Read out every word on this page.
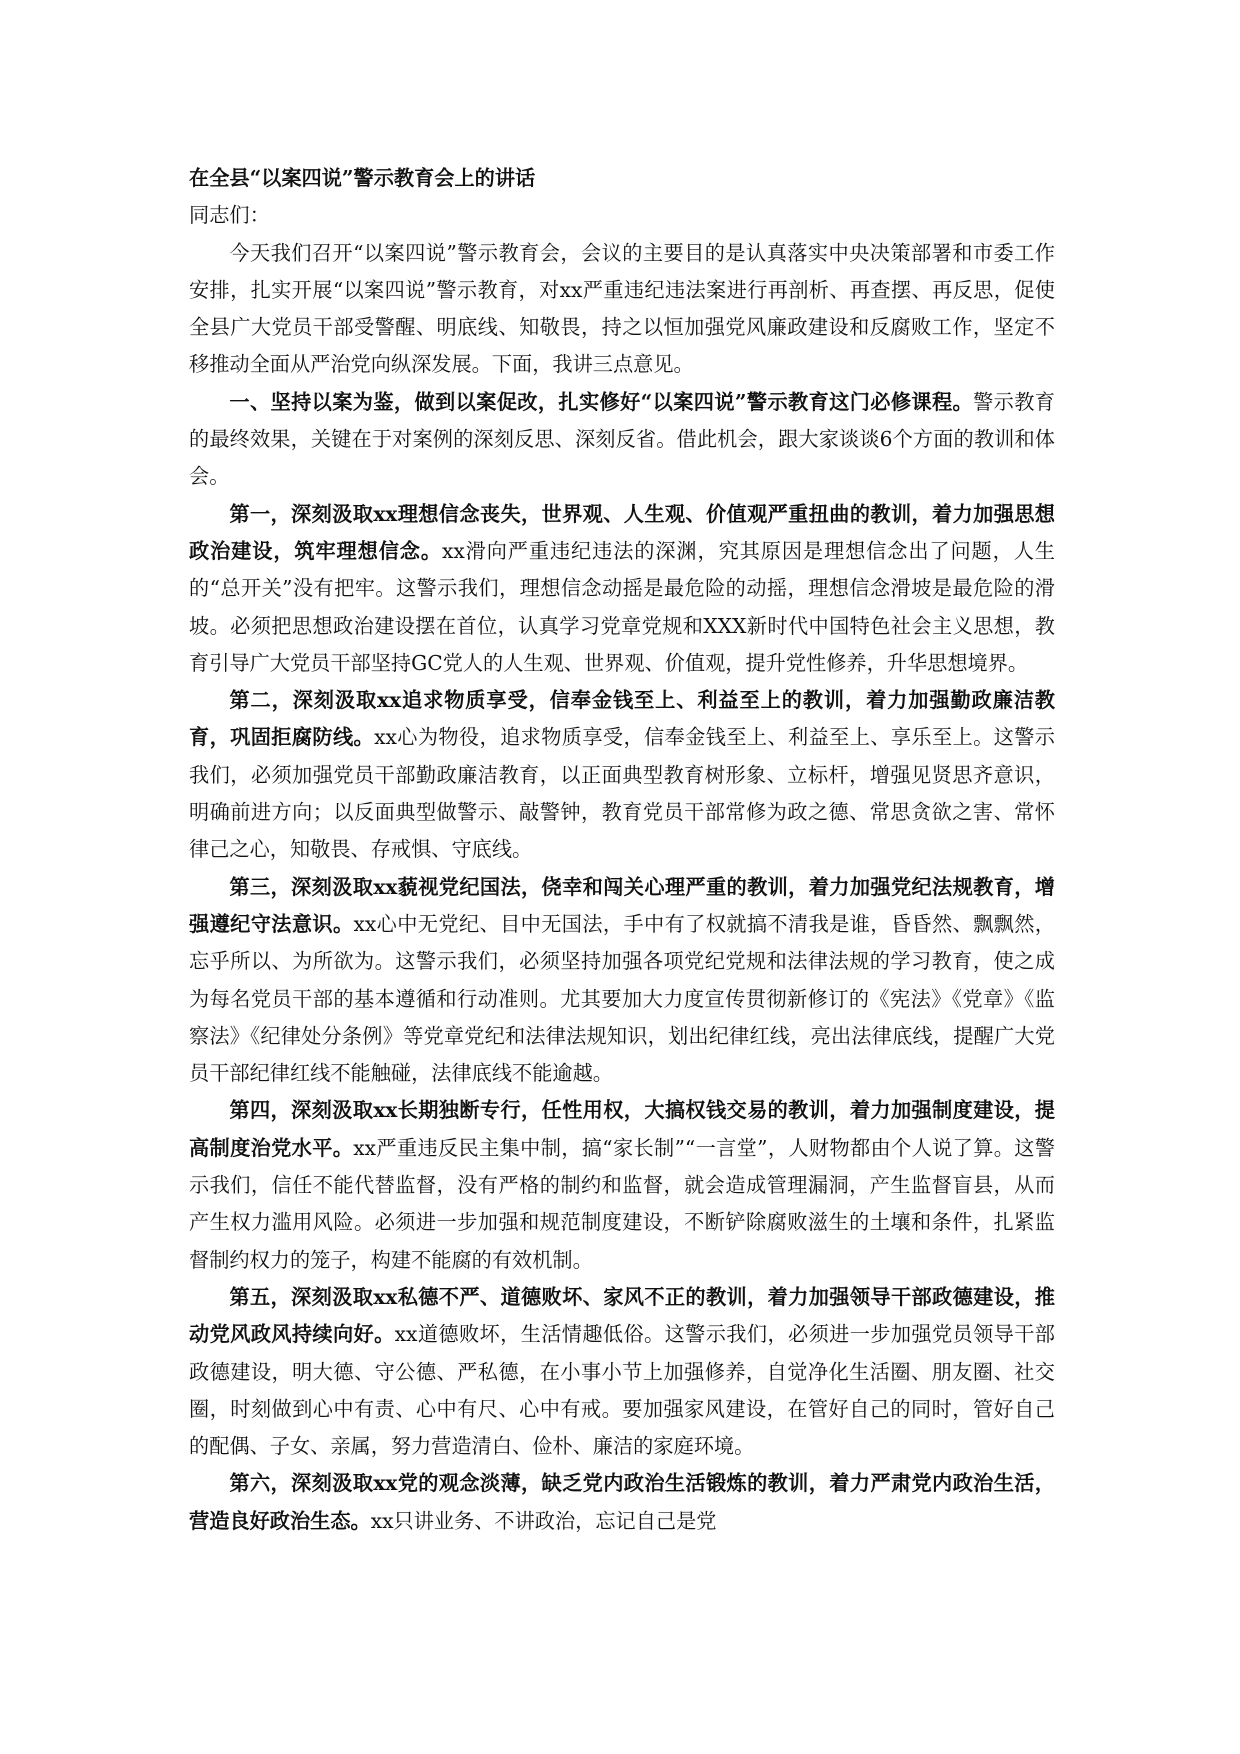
在全县“以案四说”警示教育会上的讲话

同志们：

今天我们召开“以案四说”警示教育会，会议的主要目的是认真落实中央决策部署和市委工作安排，扎实开展“以案四说”警示教育，对xx严重违纪违法案进行再剖析、再查摆、再反思，促使全县广大党员干部受警醒、明底线、知敬畏，持之以恒加强党风廉政建设和反腐败工作，坚定不移推动全面从严治党向纵深发展。下面，我讲三点意见。

一、坚持以案为鉴，做到以案促改，扎实修好“以案四说”警示教育这门必修课程。警示教育的最终效果，关键在于对案例的深刻反思、深刻反省。借此机会，跟大家谈谈6个方面的教训和体会。

第一，深刻汲取xx理想信念丧失，世界观、人生观、价值观严重扭曲的教训，着力加强思想政治建设，筑牢理想信念。xx滑向严重违纪违法的深渊，究其原因是理想信念出了问题，人生的“总开关”没有把牢。这警示我们，理想信念动摇是最危险的动摇，理想信念滑坡是最危险的滑坡。必须把思想政治建设摆在首位，认真学习党章党规和XXX新时代中国特色社会主义思想，教育引导广大党员干部坚持GC党人的人生观、世界观、价值观，提升党性修养，升华思想境界。

第二，深刻汲取xx追求物质享受，信奉金钱至上、利益至上的教训，着力加强勤政廉洁教育，巩固拒腐防线。xx心为物役，追求物质享受，信奉金钱至上、利益至上、享乐至上。这警示我们，必须加强党员干部勤政廉洁教育，以正面典型教育树形象、立标杆，增强见贤思齐意识，明确前进方向；以反面典型做警示、敲警钟，教育党员干部常修为政之德、常思贪欲之害、常怀律己之心，知敬畏、存戒惧、守底线。

第三，深刻汲取xx藐视党纪国法，侥幸和闯关心理严重的教训，着力加强党纪法规教育，增强遵纪守法意识。xx心中无党纪、目中无国法，手中有了权就搞不清我是谁，昏昏然、飘飘然，忘乎所以、为所欲为。这警示我们，必须坚持加强各项党纪党规和法律法规的学习教育，使之成为每名党员干部的基本遵循和行动准则。尤其要加大力度宣传贯彻新修订的《宪法》《党章》《监察法》《纪律处分条例》等党章党纪和法律法规知识，划出纪律红线，亮出法律底线，提醒广大党员干部纪律红线不能触碰，法律底线不能逾越。

第四，深刻汲取xx长期独断专行，任性用权，大搞权钱交易的教训，着力加强制度建设，提高制度治党水平。xx严重违反民主集中制，搞“家长制”“一言堂”，人财物都由个人说了算。这警示我们，信任不能代替监督，没有严格的制约和监督，就会造成管理漏洞，产生监督盲县，从而产生权力滥用风险。必须进一步加强和规范制度建设，不断铲除腐败滋生的土壤和条件，扎紧监督制约权力的笼子，构建不能腐的有效机制。

第五，深刻汲取xx私德不严、道德败坏、家风不正的教训，着力加强领导干部政德建设，推动党风政风持续向好。xx道德败坏，生活情趣低俗。这警示我们，必须进一步加强党员领导干部政德建设，明大德、守公德、严私德，在小事小节上加强修养，自觉净化生活圈、朋友圈、社交圈，时刻做到心中有责、心中有尺、心中有戒。要加强家风建设，在管好自己的同时，管好自己的配偶、子女、亲属，努力营造清白、俭朴、廉洁的家庭环境。

第六，深刻汲取xx党的观念淡薄，缺乏党内政治生活锻炼的教训，着力严肃党内政治生活，营造良好政治生态。xx只讲业务、不讲政治，忘记自己是党
